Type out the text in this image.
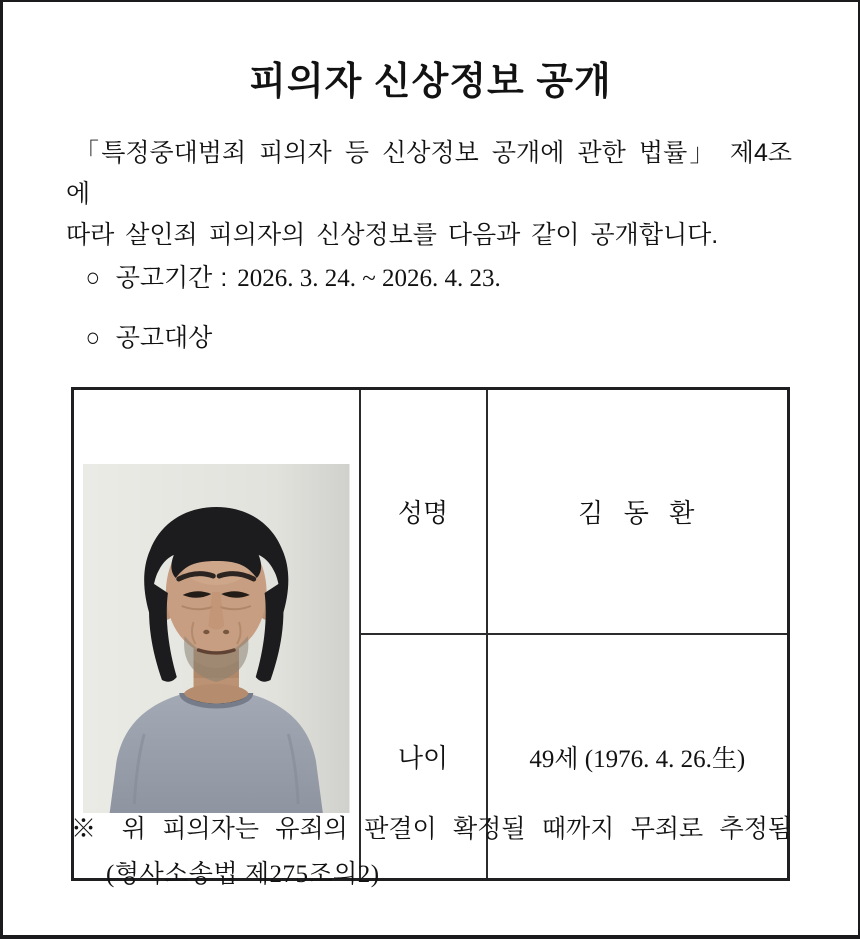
피의자 신상정보 공개
「특정중대범죄 피의자 등 신상정보 공개에 관한 법률」 제4조에
따라 살인죄 피의자의 신상정보를 다음과 같이 공개합니다.
○ 공고기간 : 2026. 3. 24. ~ 2026. 4. 23.
○ 공고대상

	성명	김  동  환
	나이	49세 (1976. 4. 26.生)
※ 위 피의자는 유죄의 판결이 확정될 때까지 무죄로 추정됨
(형사소송법 제275조의2)
